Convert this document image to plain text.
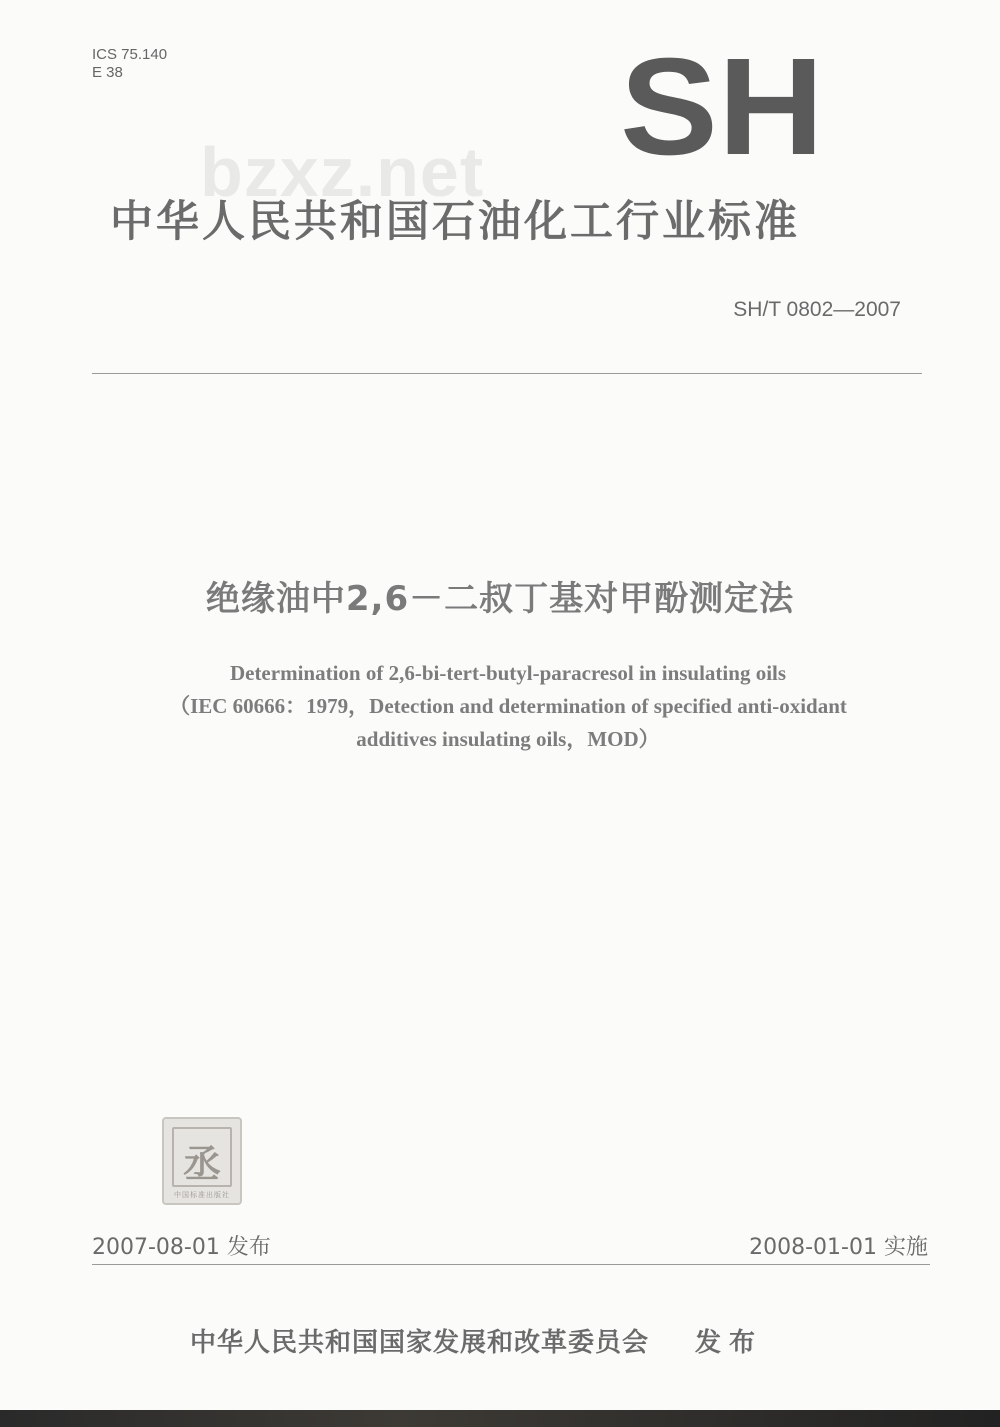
ICS 75.140
E 38	SH
bzxz.net
中华人民共和国石油化工行业标准
SH/T 0802—2007
绝缘油中2,6－二叔丁基对甲酚测定法
Determination of 2,6-bi-tert-butyl-paracresol in insulating oils
（IEC 60666：1979，Detection and determination of specified anti-oxidant
additives insulating oils，MOD）
丞
中国标准出版社
2007-08-01 发布	2008-01-01 实施
中华人民共和国国家发展和改革委员会 发布
